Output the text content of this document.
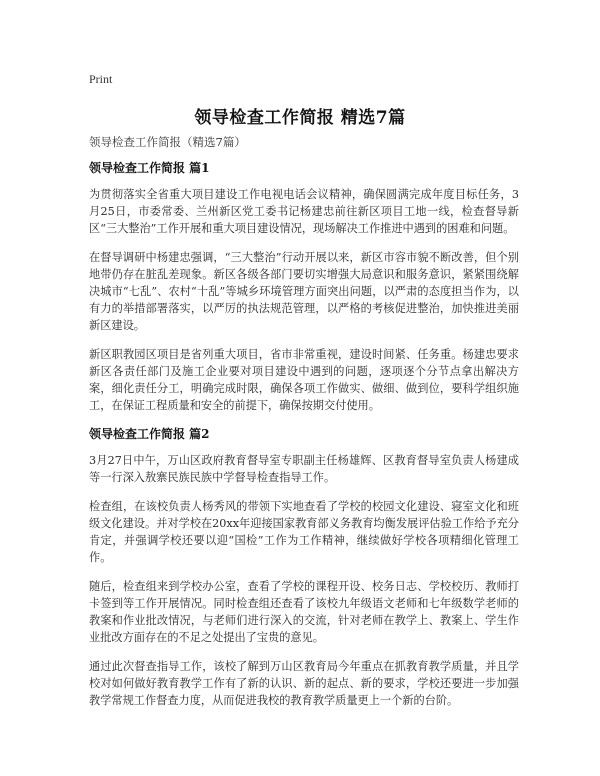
Print
领导检查工作简报 精选7篇
领导检查工作简报（精选7篇）
领导检查工作简报 篇1

为贯彻落实全省重大项目建设工作电视电话会议精神，确保圆满完成年度目标任务，3月25日，市委常委、兰州新区党工委书记杨建忠前往新区项目工地一线，检查督导新区“三大整治”工作开展和重大项目建设情况，现场解决工作推进中遇到的困难和问题。

在督导调研中杨建忠强调，“三大整治”行动开展以来，新区市容市貌不断改善，但个别地带仍存在脏乱差现象。新区各级各部门要切实增强大局意识和服务意识，紧紧围绕解决城市“七乱”、农村“十乱”等城乡环境管理方面突出问题，以严肃的态度担当作为，以有力的举措部署落实，以严厉的执法规范管理，以严格的考核促进整治，加快推进美丽新区建设。

新区职教园区项目是省列重大项目，省市非常重视，建设时间紧、任务重。杨建忠要求新区各责任部门及施工企业要对项目建设中遇到的问题，逐项逐个分节点拿出解决方案，细化责任分工，明确完成时限，确保各项工作做实、做细、做到位，要科学组织施工，在保证工程质量和安全的前提下，确保按期交付使用。

领导检查工作简报 篇2

3月27日中午，万山区政府教育督导室专职副主任杨雄辉、区教育督导室负责人杨建成等一行深入敖寨民族民族中学督导检查指导工作。

检查组，在该校负责人杨秀风的带领下实地查看了学校的校园文化建设、寝室文化和班级文化建设。并对学校在20xx年迎接国家教育部义务教育均衡发展评估验工作给予充分肯定，并强调学校还要以迎“国检”工作为工作精神，继续做好学校各项精细化管理工作。

随后，检查组来到学校办公室，查看了学校的课程开设、校务日志、学校校历、教师打卡签到等工作开展情况。同时检查组还查看了该校九年级语文老师和七年级数学老师的教案和作业批改情况，与老师们进行深入的交流，针对老师在教学上、教案上、学生作业批改方面存在的不足之处提出了宝贵的意见。

通过此次督查指导工作，该校了解到万山区教育局今年重点在抓教育教学质量，并且学校对如何做好教育教学工作有了新的认识、新的起点、新的要求，学校还要进一步加强教学常规工作督查力度，从而促进我校的教育教学质量更上一个新的台阶。
